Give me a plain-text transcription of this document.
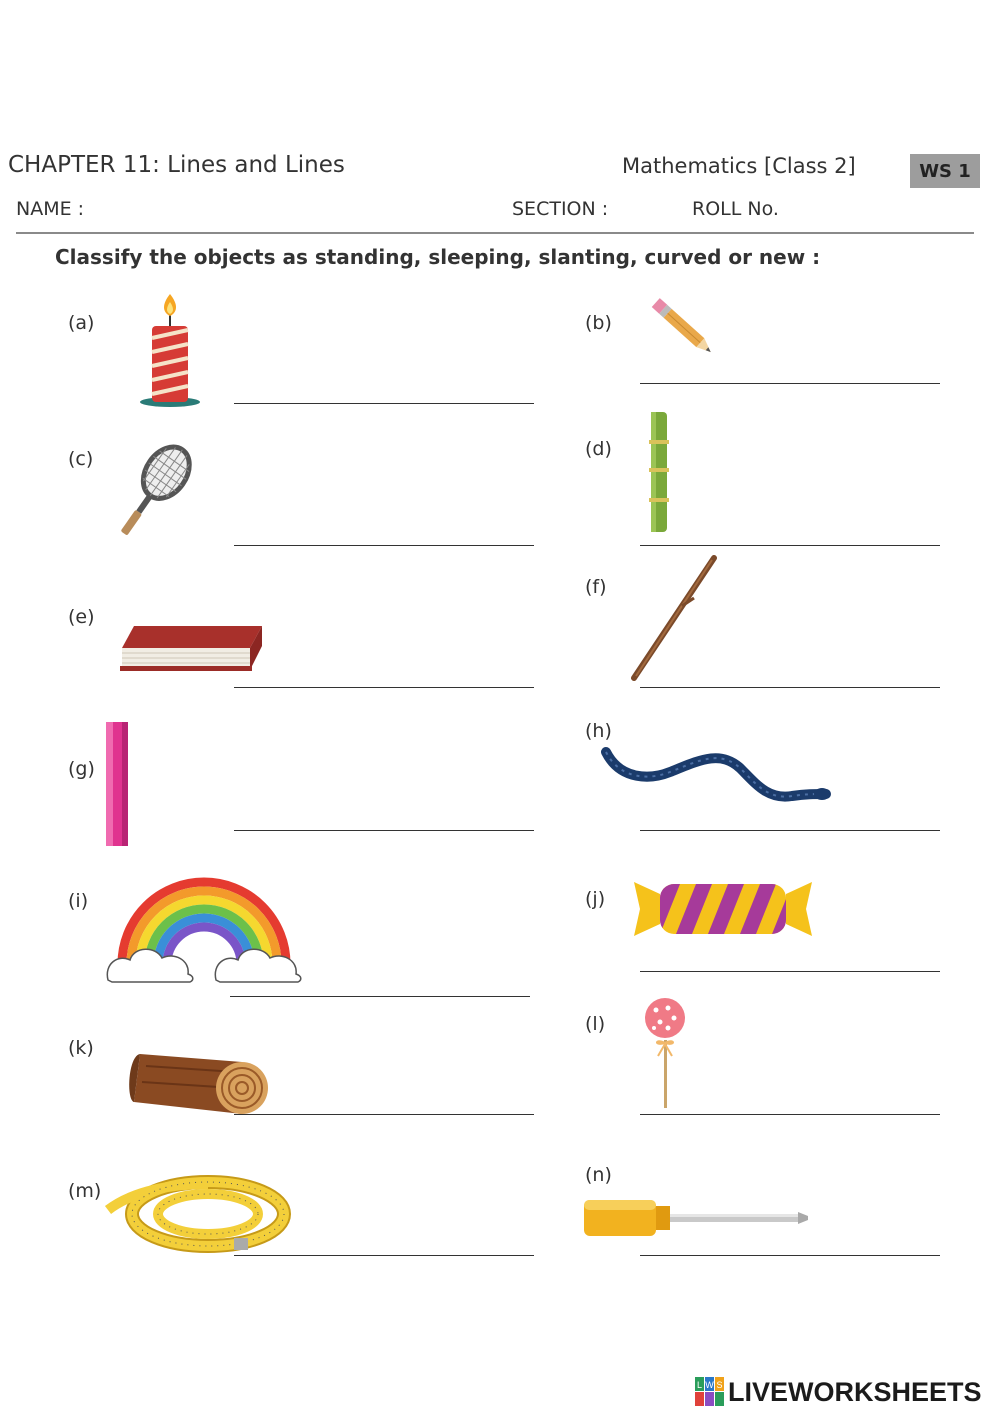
CHAPTER 11: Lines and Lines	Mathematics [Class 2]	WS 1
NAME :	SECTION :	ROLL No.
Classify the objects as standing, sleeping, slanting, curved or new :
(a)	(b)
(c)	(d)
(e)
(f)
(g)
(h)
(i)	(j)
(k)
(l)
(m)
(n)
L W S LIVEWORKSHEETS
